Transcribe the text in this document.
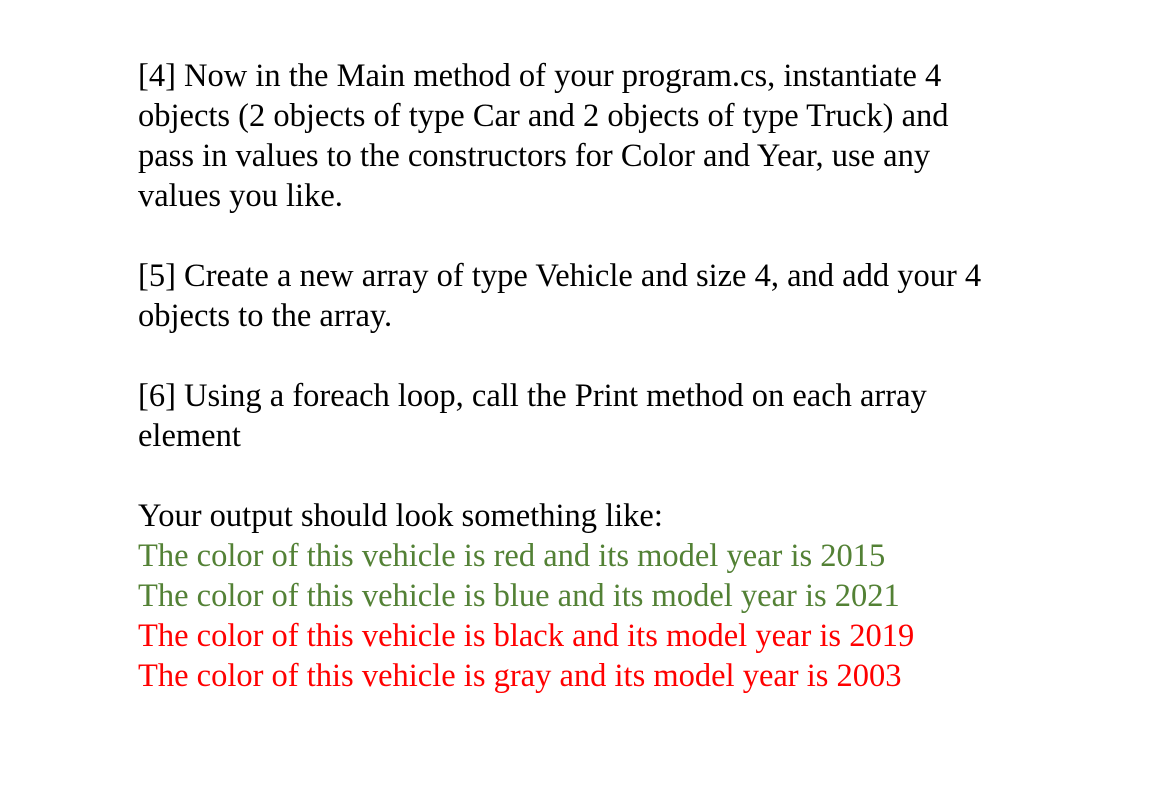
[4] Now in the Main method of your program.cs, instantiate 4
objects (2 objects of type Car and 2 objects of type Truck) and
pass in values to the constructors for Color and Year, use any
values you like.
[5] Create a new array of type Vehicle and size 4, and add your 4
objects to the array.
[6] Using a foreach loop, call the Print method on each array
element
Your output should look something like:
The color of this vehicle is red and its model year is 2015
The color of this vehicle is blue and its model year is 2021
The color of this vehicle is black and its model year is 2019
The color of this vehicle is gray and its model year is 2003
